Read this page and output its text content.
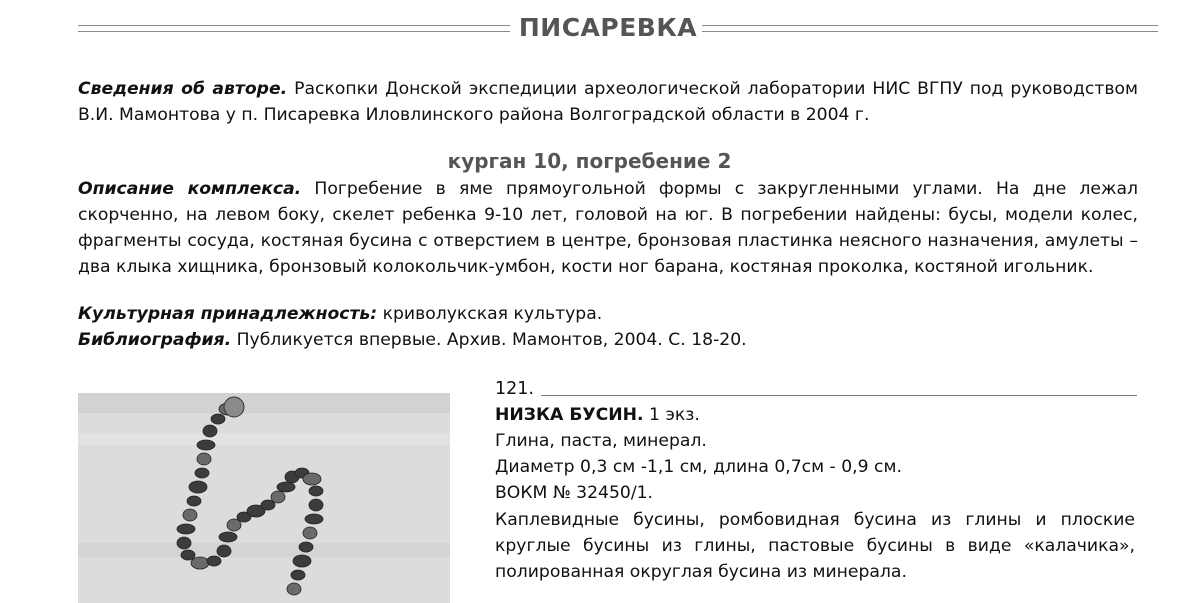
ПИСАРЕВКА

Сведения об авторе. Раскопки Донской экспедиции археологической лаборатории НИС ВГПУ под руководством В.И. Мамонтова у п. Писаревка Иловлинского района Волгоградской области в 2004 г.

курган 10, погребение 2

Описание комплекса. Погребение в яме прямоугольной формы с закругленными углами. На дне лежал скорченно, на левом боку, скелет ребенка 9-10 лет, головой на юг. В погребении найдены: бусы, модели колес, фрагменты сосуда, костяная бусина с отверстием в центре, бронзовая пластинка неясного назначения, амулеты – два клыка хищника, бронзовый колокольчик-умбон, кости ног барана, костяная проколка, костяной игольник.

Культурная принадлежность: криволукская культура.
Библиография. Публикуется впервые. Архив. Мамонтов, 2004. С. 18-20.
121.
НИЗКА БУСИН. 1 экз.
Глина, паста, минерал.
Диаметр 0,3 см -1,1 см, длина 0,7см - 0,9 см.
ВОКМ № 32450/1.

Каплевидные бусины, ромбовидная бусина из глины и плоские круглые бусины из глины, пастовые бусины в виде «калачика», полированная округлая бусина из минерала.
